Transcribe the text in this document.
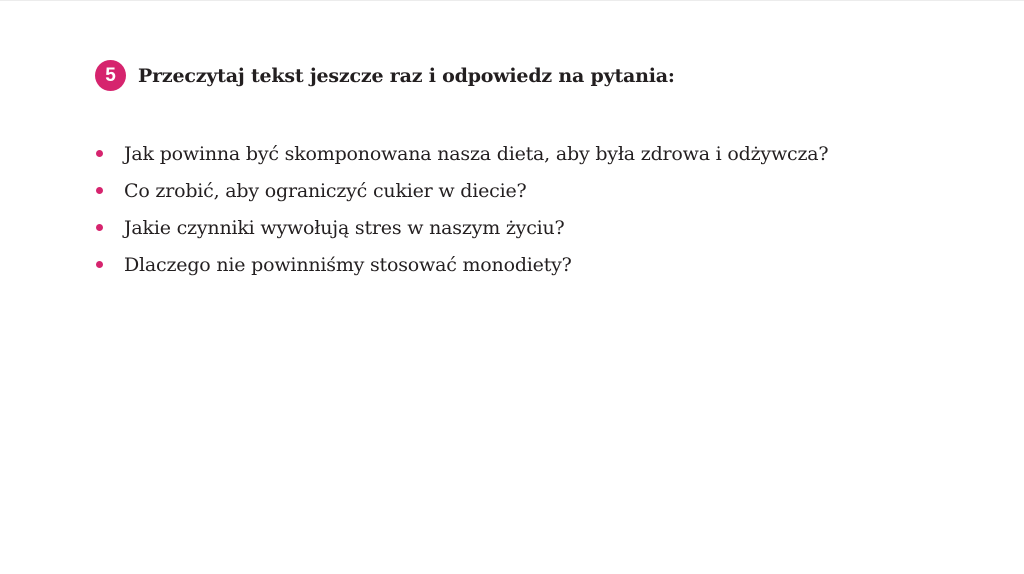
5	Przeczytaj tekst jeszcze raz i odpowiedz na pytania:
Jak powinna być skomponowana nasza dieta, aby była zdrowa i odżywcza?
Co zrobić, aby ograniczyć cukier w diecie?
Jakie czynniki wywołują stres w naszym życiu?
Dlaczego nie powinniśmy stosować monodiety?
